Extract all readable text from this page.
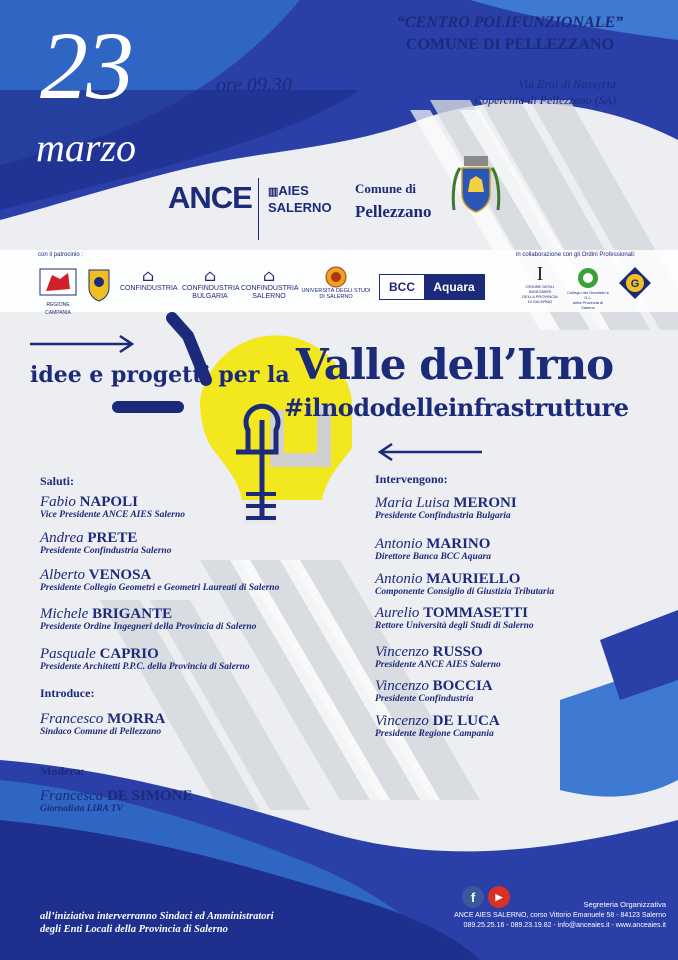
23
marzo
ore 09.30
“CENTRO POLIFUNZIONALE”
COMUNE DI PELLEZZANO
Via Eroi di Nassyria
Coperchia di Pellezzano (SA)
ANCE ▥AIES
SALERNO
Comune di
Pellezzano
con il patrocinio :	in collaborazione con gli Ordini Professionali:
REGIONE CAMPANIA
⌂
CONFINDUSTRIA
⌂
CONFINDUSTRIA
BULGARIA
⌂
CONFINDUSTRIA
SALERNO
UNIVERSITÀ DEGLI STUDI
DI SALERNO
BCC	Aquara
I
ORDINE DEGLI
INGEGNERI
DELLA PROVINCIA
DI SALERNO
Collegio dei Geometri e G.L.
della Provincia di Salerno
G
idee e progetti per la Valle dell’Irno
#ilnododelleinfrastrutture
Saluti:
Fabio NAPOLI
Vice Presidente ANCE AIES Salerno
Andrea PRETE
Presidente Confindustria Salerno
Alberto VENOSA
Presidente Collegio Geometri e Geometri Laureati di Salerno
Michele BRIGANTE
Presidente Ordine Ingegneri della Provincia di Salerno
Pasquale CAPRIO
Presidente Architetti P.P.C. della Provincia di Salerno
Introduce:
Francesco MORRA
Sindaco Comune di Pellezzano
Modera:
Francesca DE SIMONE
Giornalista LIRA TV
Intervengono:
Maria Luisa MERONI
Presidente Confindustria Bulgaria
Antonio MARINO
Direttore Banca BCC Aquara
Antonio MAURIELLO
Componente Consiglio di Giustizia Tributaria
Aurelio TOMMASETTI
Rettore Università degli Studi di Salerno
Vincenzo RUSSO
Presidente ANCE AIES Salerno
Vincenzo BOCCIA
Presidente Confindustria
Vincenzo DE LUCA
Presidente Regione Campania
all’iniziativa interverranno Sindaci ed Amministratori
degli Enti Locali della Provincia di Salerno
f	▶
Segreteria Organizzativa
ANCE AIES SALERNO, corso Vittorio Emanuele 58 - 84123 Salerno
089.25.25.16 - 089.23.19.82 - info@anceaies.it - www.anceaies.it
